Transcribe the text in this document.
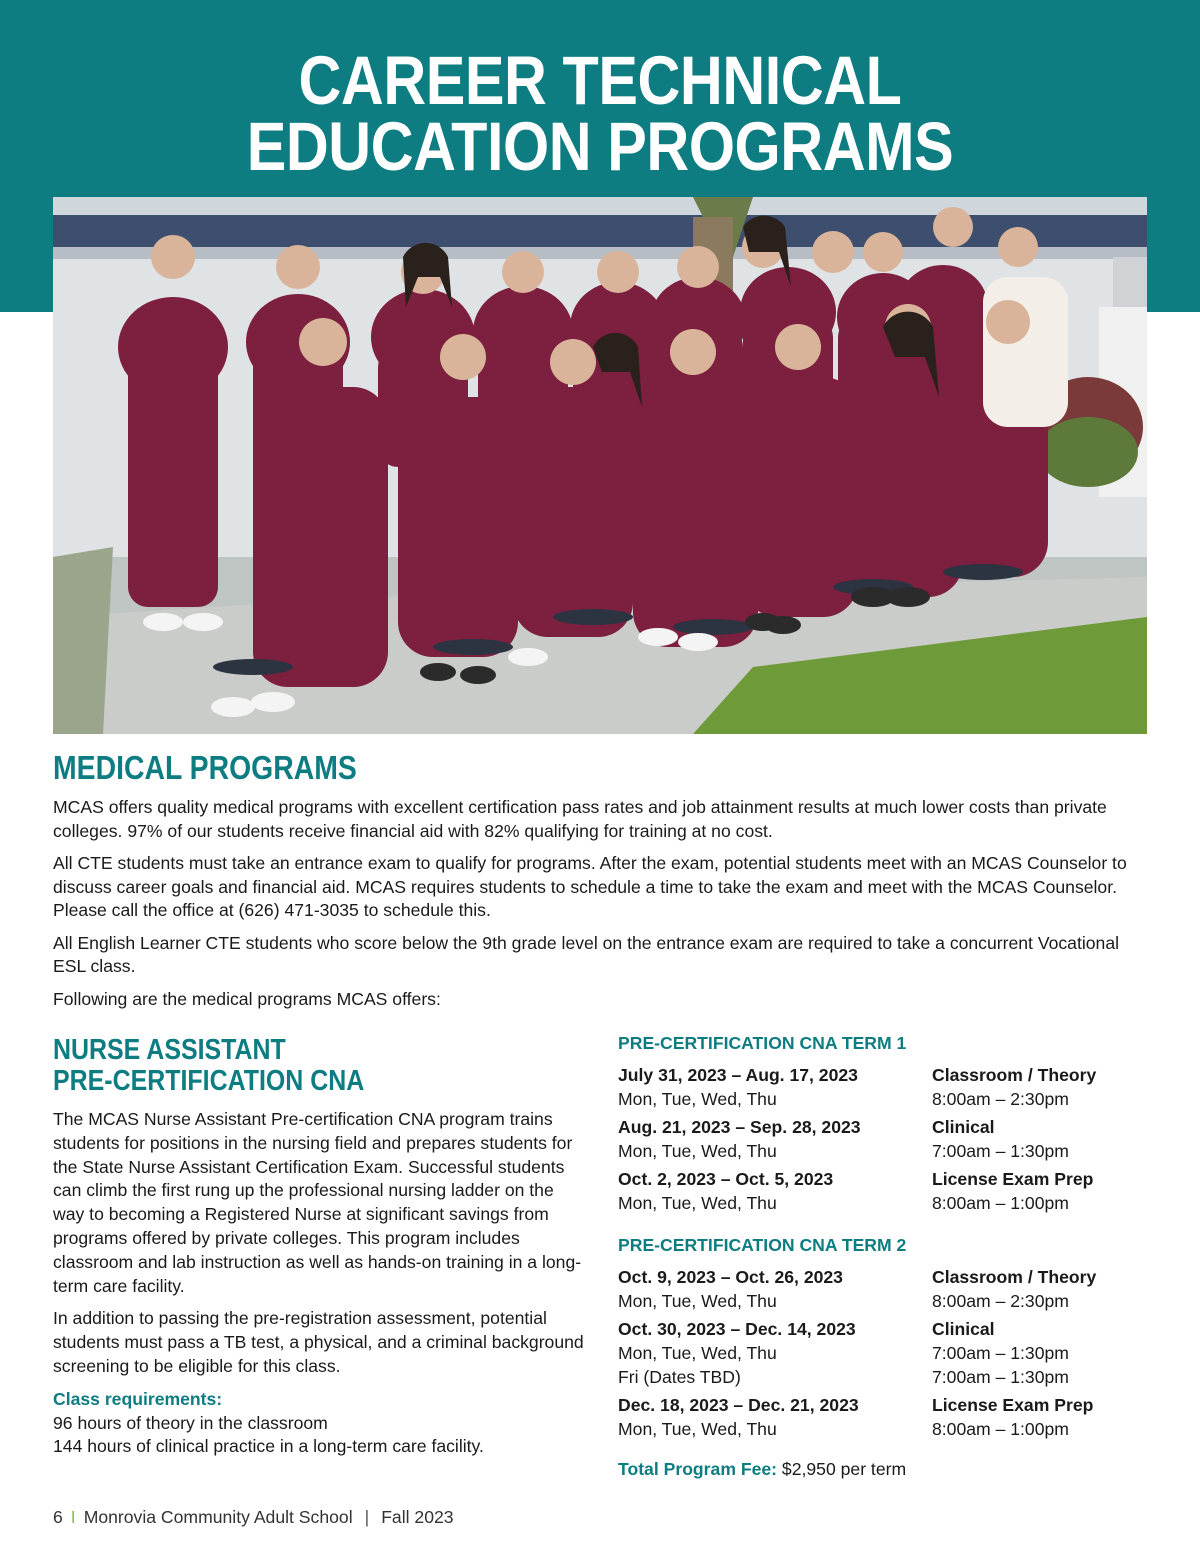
CAREER TECHNICAL
EDUCATION PROGRAMS
MEDICAL PROGRAMS

MCAS offers quality medical programs with excellent certification pass rates and job attainment results at much lower costs than private colleges. 97% of our students receive financial aid with 82% qualifying for training at no cost.

All CTE students must take an entrance exam to qualify for programs. After the exam, potential students meet with an MCAS Counselor to discuss career goals and financial aid. MCAS requires students to schedule a time to take the exam and meet with the MCAS Counselor. Please call the office at (626) 471-3035 to schedule this.

All English Learner CTE students who score below the 9th grade level on the entrance exam are required to take a concurrent Vocational ESL class.

Following are the medical programs MCAS offers:

NURSE ASSISTANT
PRE-CERTIFICATION CNA

The MCAS Nurse Assistant Pre-certification CNA program trains students for positions in the nursing field and prepares students for the State Nurse Assistant Certification Exam. Successful students can climb the first rung up the professional nursing ladder on the way to becoming a Registered Nurse at significant savings from programs offered by private colleges. This program includes classroom and lab instruction as well as hands-on training in a long-term care facility.

In addition to passing the pre-registration assessment, potential students must pass a TB test, a physical, and a criminal background screening to be eligible for this class.

Class requirements:
96 hours of theory in the classroom
144 hours of clinical practice in a long-term care facility.
PRE-CERTIFICATION CNA TERM 1
July 31, 2023 – Aug. 17, 2023	Classroom / Theory
Mon, Tue, Wed, Thu	8:00am – 2:30pm
Aug. 21, 2023 – Sep. 28, 2023	Clinical
Mon, Tue, Wed, Thu	7:00am – 1:30pm
Oct. 2, 2023 – Oct. 5, 2023	License Exam Prep
Mon, Tue, Wed, Thu	8:00am – 1:00pm
PRE-CERTIFICATION CNA TERM 2
Oct. 9, 2023 – Oct. 26, 2023	Classroom / Theory
Mon, Tue, Wed, Thu	8:00am – 2:30pm
Oct. 30, 2023 – Dec. 14, 2023	Clinical
Mon, Tue, Wed, Thu	7:00am – 1:30pm
Fri (Dates TBD)	7:00am – 1:30pm
Dec. 18, 2023 – Dec. 21, 2023	License Exam Prep
Mon, Tue, Wed, Thu	8:00am – 1:00pm
Total Program Fee: $2,950 per term
6 I Monrovia Community Adult School | Fall 2023
